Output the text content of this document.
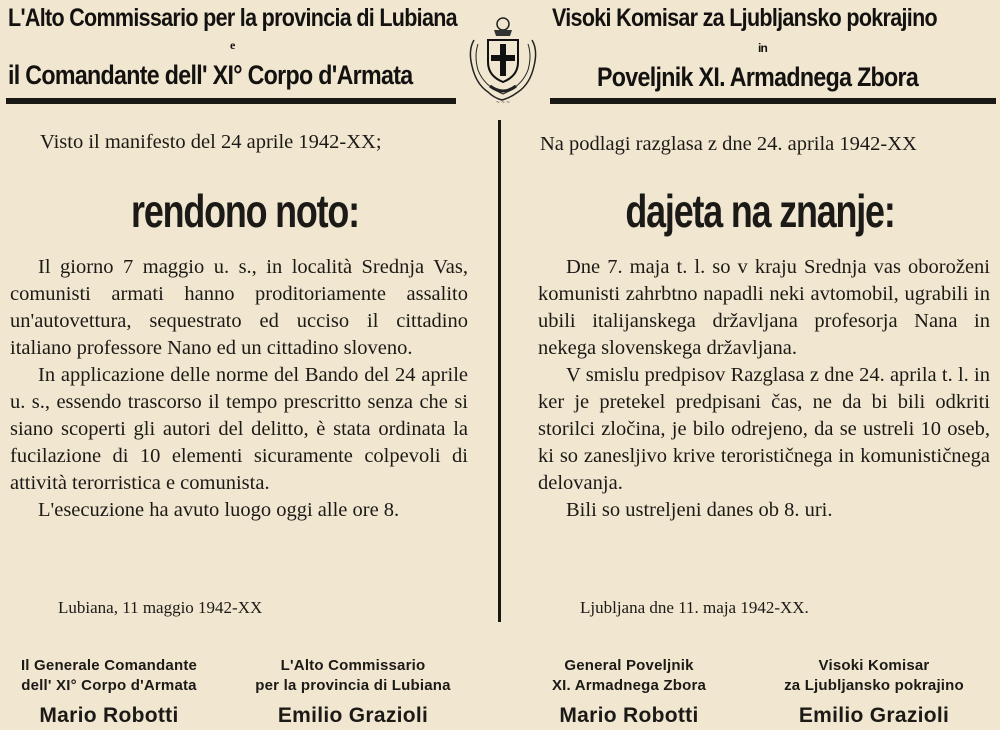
L'Alto Commissario per la provincia di Lubiana
e
il Comandante dell' XI° Corpo d'Armata
Visoki Komisar za Ljubljansko pokrajino
in
Poveljnik XI. Armadnega Zbora
~ ~ ~
Visto il manifesto del 24 aprile 1942-XX;
rendono noto:

Il giorno 7 maggio u. s., in località Srednja Vas, comunisti armati hanno proditoriamente assalito un'autovettura, sequestrato ed ucciso il cittadino italiano professore Nano ed un cittadino sloveno.

In applicazione delle norme del Bando del 24 aprile u. s., essendo trascorso il tempo prescritto senza che si siano scoperti gli autori del delitto, è stata ordinata la fucilazione di 10 elementi sicuramente colpevoli di attività terorristica e comunista.

L'esecuzione ha avuto luogo oggi alle ore 8.

Lubiana, 11 maggio 1942-XX
Na podlagi razglasa z dne 24. aprila 1942-XX
dajeta na znanje:

Dne 7. maja t. l. so v kraju Srednja vas oboroženi komunisti zahrbtno napadli neki avtomobil, ugrabili in ubili italijanskega državljana profesorja Nana in nekega slovenskega državljana.

V smislu predpisov Razglasa z dne 24. aprila t. l. in ker je pretekel predpisani čas, ne da bi bili odkriti storilci zločina, je bilo odrejeno, da se ustreli 10 oseb, ki so zanesljivo krive terorističnega in komunističnega delovanja.

Bili so ustreljeni danes ob 8. uri.

Ljubljana dne 11. maja 1942-XX.
Il Generale Comandante
dell' XI° Corpo d'Armata
Mario Robotti
L'Alto Commissario
per la provincia di Lubiana
Emilio Grazioli
General Poveljnik
XI. Armadnega Zbora
Mario Robotti
Visoki Komisar
za Ljubljansko pokrajino
Emilio Grazioli
